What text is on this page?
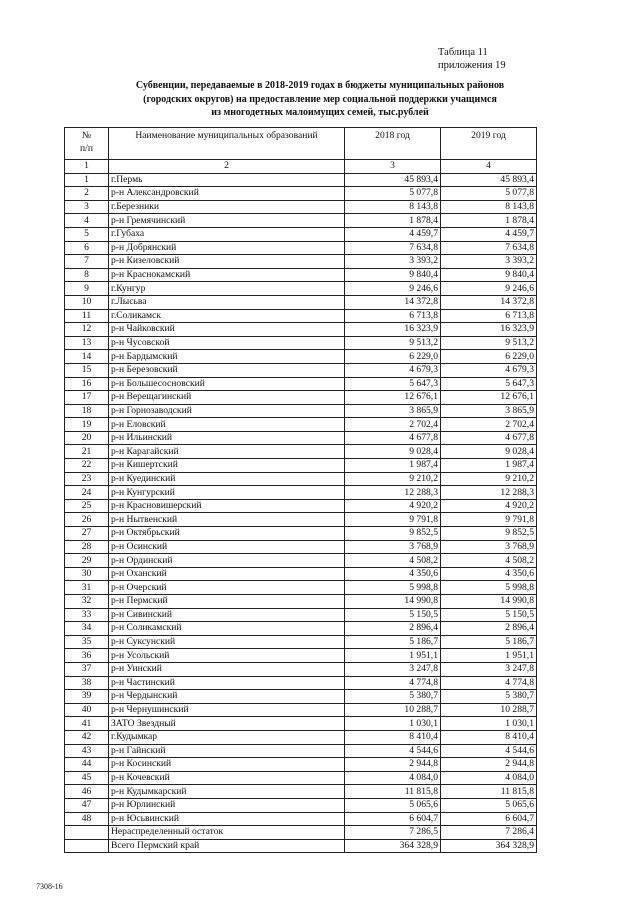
Таблица 11
приложения 19
Субвенции, передаваемые в 2018-2019 годах в бюджеты муниципальных районов
(городских округов) на предоставление мер социальной поддержки учащимся
из многодетных малоимущих семей, тыс.рублей
№
п/п	Наименование муниципальных образований	2018 год	2019 год
1	2	3	4
1	г.Пермь	45 893,4	45 893,4
2	р-н Александровский	5 077,8	5 077,8
3	г.Березники	8 143,8	8 143,8
4	р-н Гремячинский	1 878,4	1 878,4
5	г.Губаха	4 459,7	4 459,7
6	р-н Добрянский	7 634,8	7 634,8
7	р-н Кизеловский	3 393,2	3 393,2
8	р-н Краснокамский	9 840,4	9 840,4
9	г.Кунгур	9 246,6	9 246,6
10	г.Лысьва	14 372,8	14 372,8
11	г.Соликамск	6 713,8	6 713,8
12	р-н Чайковский	16 323,9	16 323,9
13	р-н Чусовской	9 513,2	9 513,2
14	р-н Бардымский	6 229,0	6 229,0
15	р-н Березовский	4 679,3	4 679,3
16	р-н Большесосновский	5 647,3	5 647,3
17	р-н Верещагинский	12 676,1	12 676,1
18	р-н Горнозаводский	3 865,9	3 865,9
19	р-н Еловский	2 702,4	2 702,4
20	р-н Ильинский	4 677,8	4 677,8
21	р-н Карагайский	9 028,4	9 028,4
22	р-н Кишертский	1 987,4	1 987,4
23	р-н Куединский	9 210,2	9 210,2
24	р-н Кунгурский	12 288,3	12 288,3
25	р-н Красновишерский	4 920,2	4 920,2
26	р-н Нытвенский	9 791,8	9 791,8
27	р-н Октябрьский	9 852,5	9 852,5
28	р-н Осинский	3 768,9	3 768,9
29	р-н Ординский	4 508,2	4 508,2
30	р-н Оханский	4 350,6	4 350,6
31	р-н Очерский	5 998,8	5 998,8
32	р-н Пермский	14 990,8	14 990,8
33	р-н Сивинский	5 150,5	5 150,5
34	р-н Соликамский	2 896,4	2 896,4
35	р-н Суксунский	5 186,7	5 186,7
36	р-н Усольский	1 951,1	1 951,1
37	р-н Уинский	3 247,8	3 247,8
38	р-н Частинский	4 774,8	4 774,8
39	р-н Чердынский	5 380,7	5 380,7
40	р-н Чернушинский	10 288,7	10 288,7
41	ЗАТО Звездный	1 030,1	1 030,1
42	г.Кудымкар	8 410,4	8 410,4
43	р-н Гайнский	4 544,6	4 544,6
44	р-н Косинский	2 944,8	2 944,8
45	р-н Кочевский	4 084,0	4 084,0
46	р-н Кудымкарский	11 815,8	11 815,8
47	р-н Юрлинский	5 065,6	5 065,6
48	р-н Юсьвинский	6 604,7	6 604,7
	Нераспределенный остаток	7 286,5	7 286,4
	Всего Пермский край	364 328,9	364 328,9
7308-16
